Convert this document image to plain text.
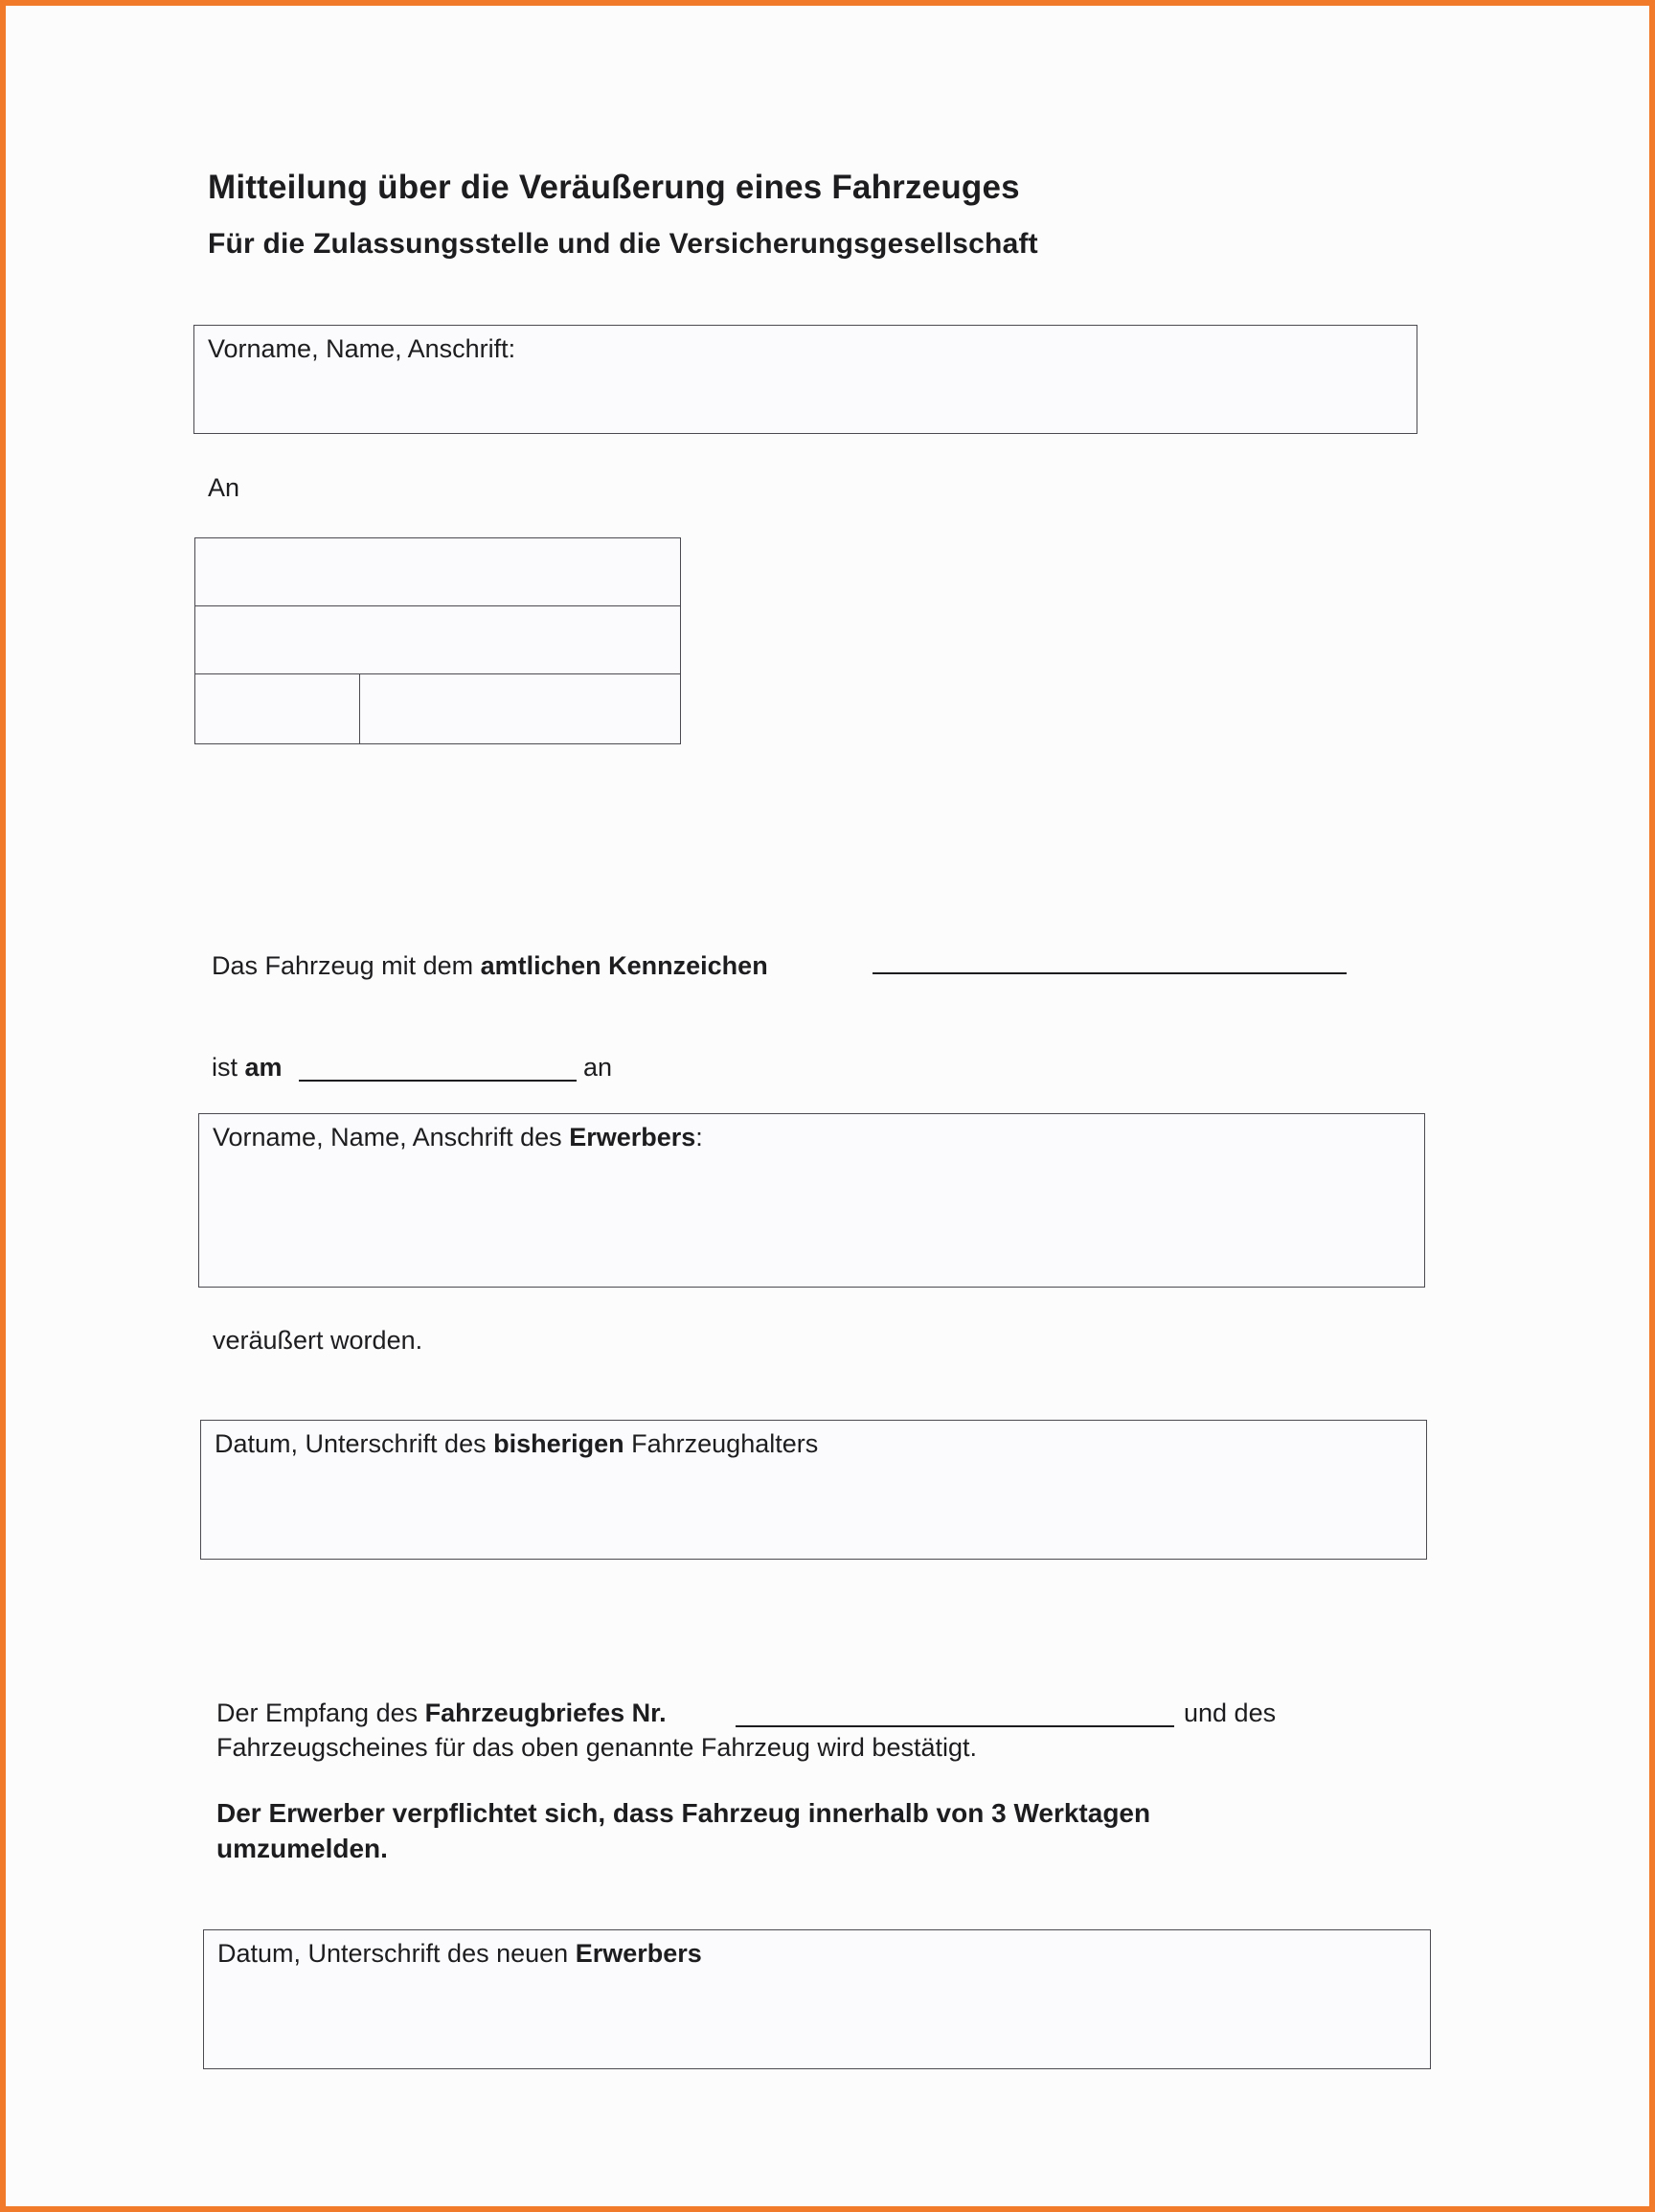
Mitteilung über die Veräußerung eines Fahrzeuges
Für die Zulassungsstelle und die Versicherungsgesellschaft
Vorname, Name, Anschrift:
An
Das Fahrzeug mit dem amtlichen Kennzeichen
ist am	an
Vorname, Name, Anschrift des Erwerbers:
veräußert worden.
Datum, Unterschrift des bisherigen Fahrzeughalters
Der Empfang des Fahrzeugbriefes Nr.	und des
Fahrzeugscheines für das oben genannte Fahrzeug wird bestätigt.
Der Erwerber verpflichtet sich, dass Fahrzeug innerhalb von 3 Werktagen
umzumelden.
Datum, Unterschrift des neuen Erwerbers
